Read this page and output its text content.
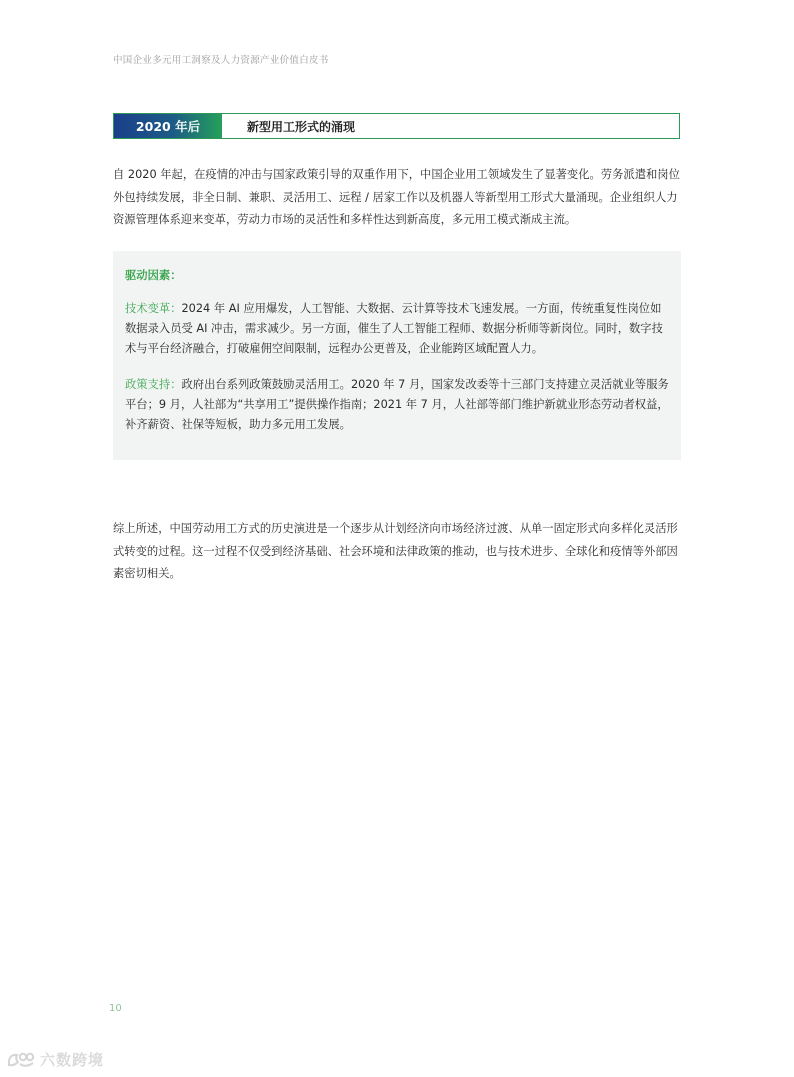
中国企业多元用工洞察及人力资源产业价值白皮书
2020 年后	新型用工形式的涌现

自 2020 年起，在疫情的冲击与国家政策引导的双重作用下，中国企业用工领域发生了显著变化。劳务派遣和岗位外包持续发展，非全日制、兼职、灵活用工、远程 / 居家工作以及机器人等新型用工形式大量涌现。企业组织人力资源管理体系迎来变革，劳动力市场的灵活性和多样性达到新高度，多元用工模式渐成主流。

驱动因素：

技术变革：2024 年 AI 应用爆发，人工智能、大数据、云计算等技术飞速发展。一方面，传统重复性岗位如数据录入员受 AI 冲击，需求减少。另一方面，催生了人工智能工程师、数据分析师等新岗位。同时，数字技术与平台经济融合，打破雇佣空间限制，远程办公更普及，企业能跨区域配置人力。

政策支持：政府出台系列政策鼓励灵活用工。2020 年 7 月，国家发改委等十三部门支持建立灵活就业等服务平台；9 月，人社部为“共享用工”提供操作指南；2021 年 7 月，人社部等部门维护新就业形态劳动者权益，补齐薪资、社保等短板，助力多元用工发展。

综上所述，中国劳动用工方式的历史演进是一个逐步从计划经济向市场经济过渡、从单一固定形式向多样化灵活形式转变的过程。这一过程不仅受到经济基础、社会环境和法律政策的推动，也与技术进步、全球化和疫情等外部因素密切相关。

10
六数跨境
